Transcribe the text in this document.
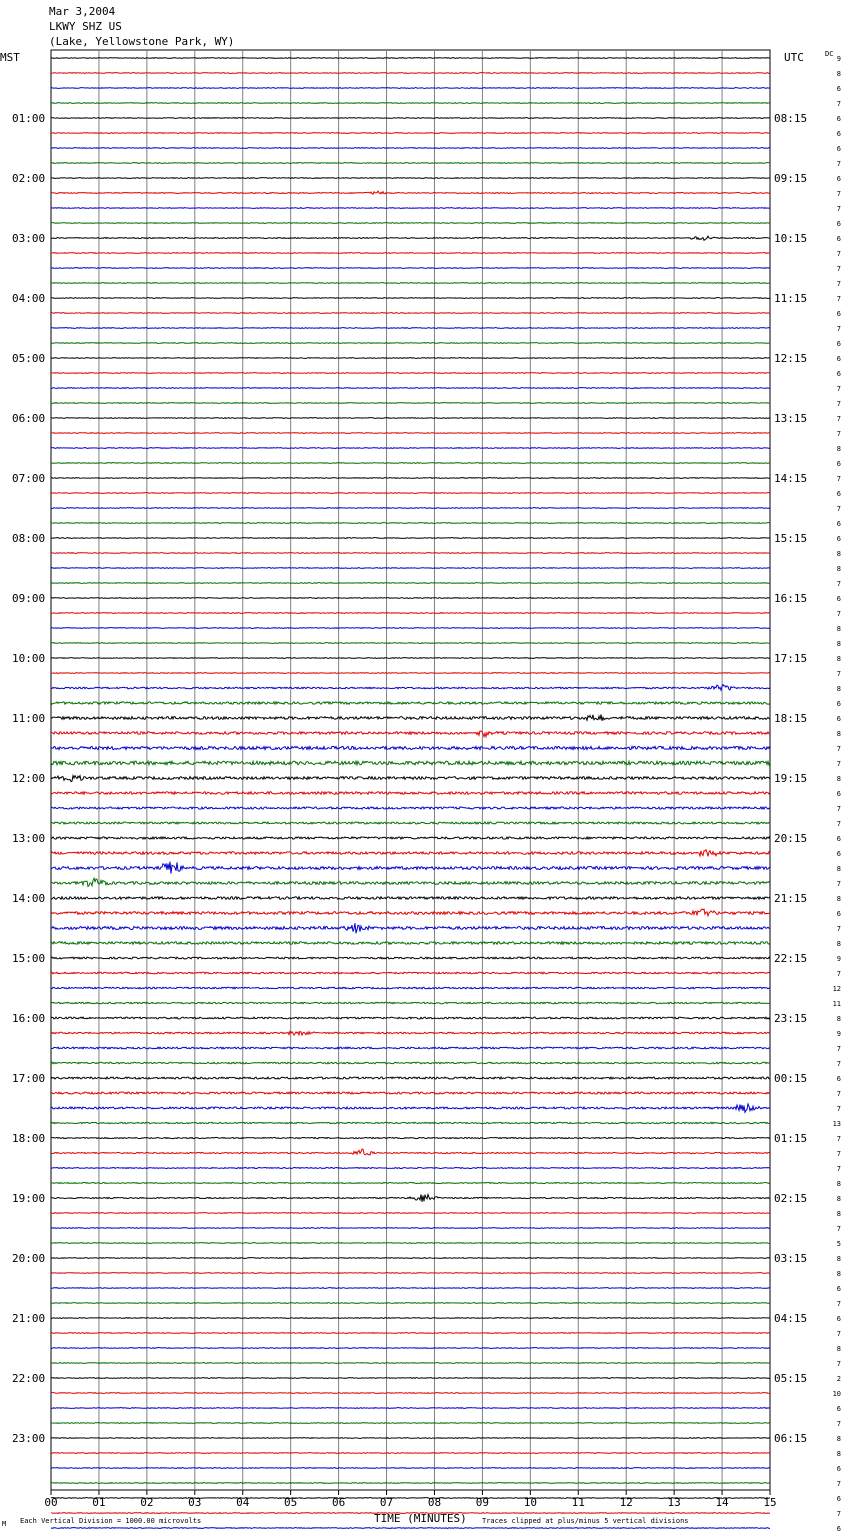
Mar 3,2004
LKWY SHZ US
(Lake, Yellowstone Park, WY)
9
8
6
7
6
6
6
7
6
7
7
6
6
7
7
7
7
6
7
6
6
6
7
7
7
7
8
6
7
6
7
6
6
8
8
7
6
7
8
8
8
7
8
6
6
8
7
7
8
6
7
7
6
6
8
7
8
6
7
8
9
7
12
11
8
9
7
7
6
7
7
13
7
7
7
8
8
8
7
5
8
8
6
7
6
7
8
7
2
10
6
7
8
8
6
7
6
7
6
01:00	08:15
02:00	09:15
03:00	10:15
04:00	11:15
05:00	12:15
06:00	13:15
07:00	14:15
08:00	15:15
09:00	16:15
10:00	17:15
11:00	18:15
12:00	19:15
13:00	20:15
14:00	21:15
15:00	22:15
16:00	23:15
17:00	00:15
18:00	01:15
19:00	02:15
20:00	03:15
21:00	04:15
22:00	05:15
23:00	06:15
00	01	02	03	04	05	06	07	08	09	10	11	12	13	14	15
MST	UTC	DC
M Each Vertical Division = 1000.00 microvolts	TIME (MINUTES) Traces clipped at plus/minus 5 vertical divisions
